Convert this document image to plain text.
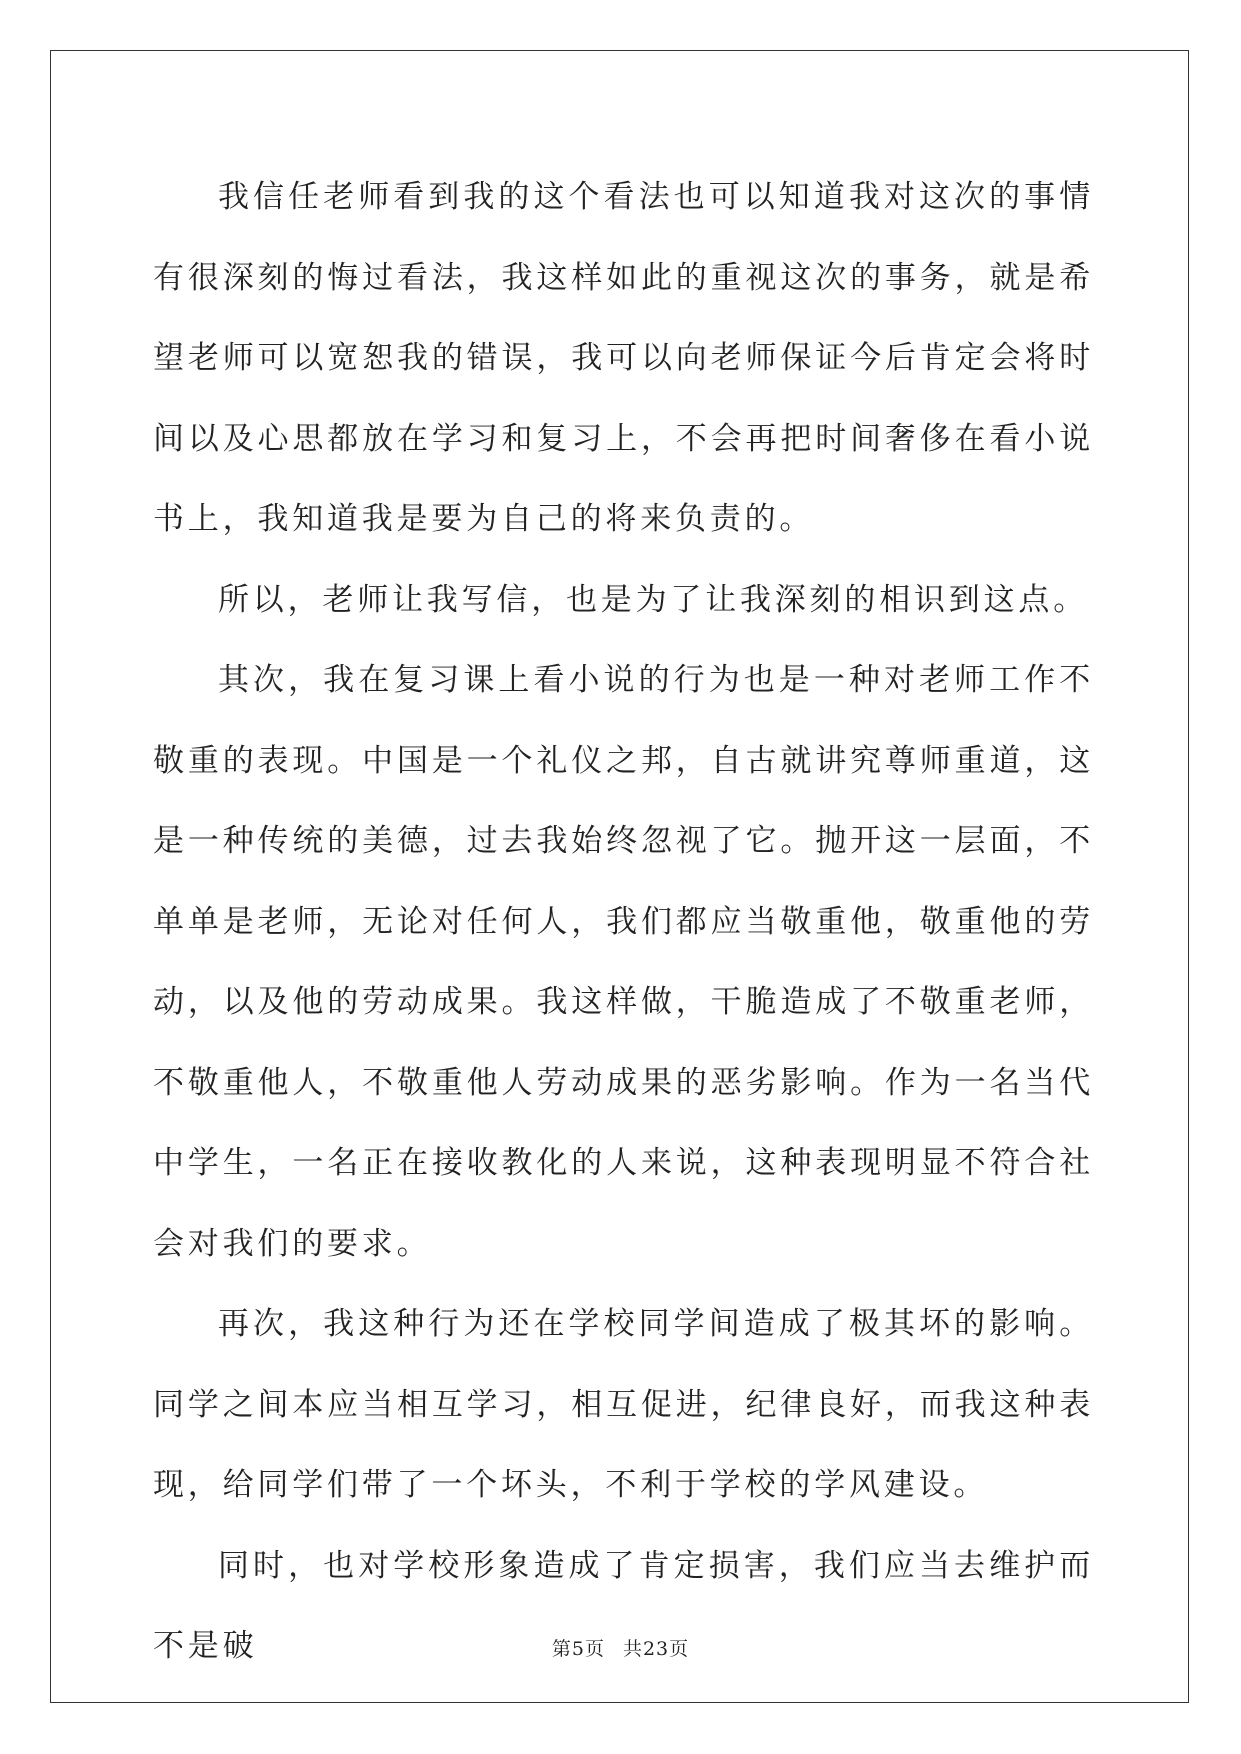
我信任老师看到我的这个看法也可以知道我对这次的事情有很深刻的悔过看法，我这样如此的重视这次的事务，就是希望老师可以宽恕我的错误，我可以向老师保证今后肯定会将时间以及心思都放在学习和复习上，不会再把时间奢侈在看小说书上，我知道我是要为自己的将来负责的。

所以，老师让我写信，也是为了让我深刻的相识到这点。

其次，我在复习课上看小说的行为也是一种对老师工作不敬重的表现。中国是一个礼仪之邦，自古就讲究尊师重道，这是一种传统的美德，过去我始终忽视了它。抛开这一层面，不单单是老师，无论对任何人，我们都应当敬重他，敬重他的劳动，以及他的劳动成果。我这样做，干脆造成了不敬重老师，不敬重他人，不敬重他人劳动成果的恶劣影响。作为一名当代中学生，一名正在接收教化的人来说，这种表现明显不符合社会对我们的要求。

再次，我这种行为还在学校同学间造成了极其坏的影响。同学之间本应当相互学习，相互促进，纪律良好，而我这种表现，给同学们带了一个坏头，不利于学校的学风建设。

同时，也对学校形象造成了肯定损害，我们应当去维护而不是破	第5页 共23页
